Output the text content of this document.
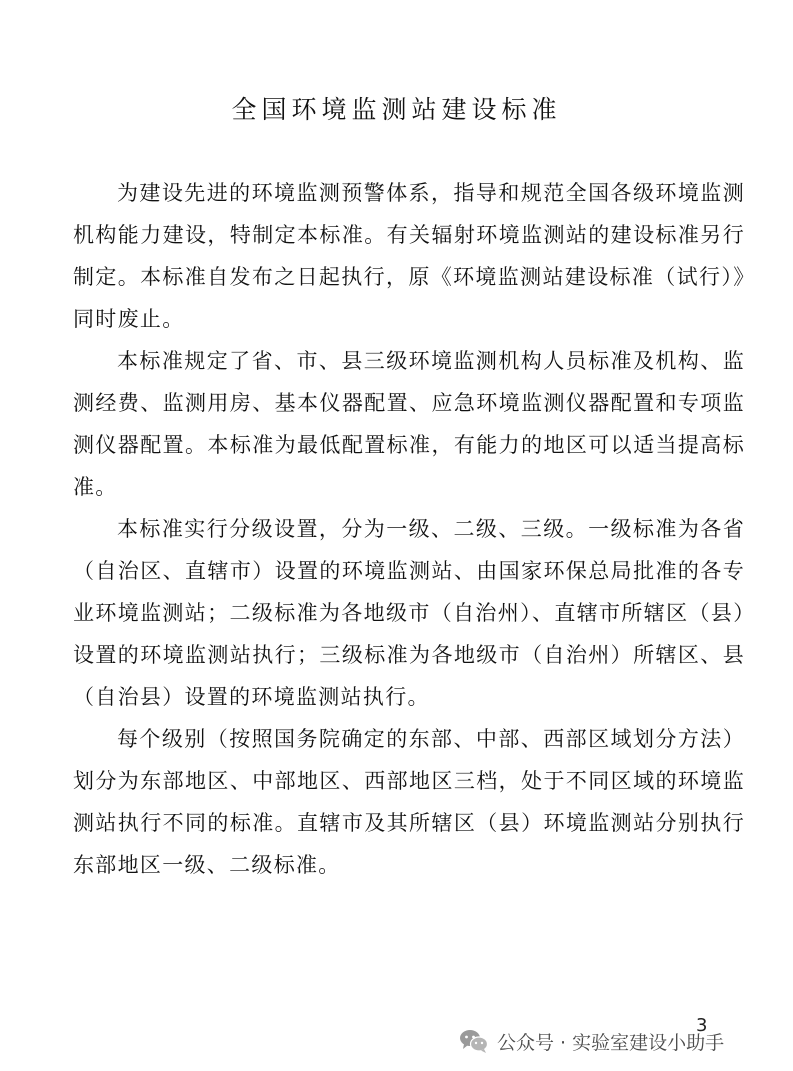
全国环境监测站建设标准

为建设先进的环境监测预警体系，指导和规范全国各级环境监测机构能力建设，特制定本标准。有关辐射环境监测站的建设标准另行制定。本标准自发布之日起执行，原《环境监测站建设标准（试行）》同时废止。

本标准规定了省、市、县三级环境监测机构人员标准及机构、监测经费、监测用房、基本仪器配置、应急环境监测仪器配置和专项监测仪器配置。本标准为最低配置标准，有能力的地区可以适当提高标准。

本标准实行分级设置，分为一级、二级、三级。一级标准为各省（自治区、直辖市）设置的环境监测站、由国家环保总局批准的各专业环境监测站；二级标准为各地级市（自治州）、直辖市所辖区（县）设置的环境监测站执行；三级标准为各地级市（自治州）所辖区、县（自治县）设置的环境监测站执行。

每个级别（按照国务院确定的东部、中部、西部区域划分方法）划分为东部地区、中部地区、西部地区三档，处于不同区域的环境监测站执行不同的标准。直辖市及其所辖区（县）环境监测站分别执行东部地区一级、二级标准。

公众号 · 实验室建设小助手
3
